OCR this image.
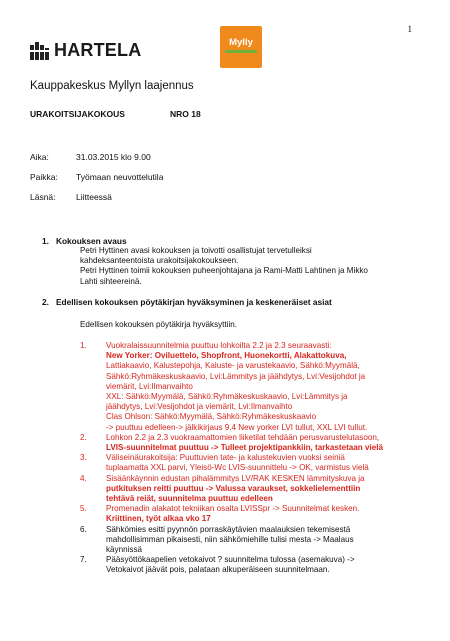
1
HARTELA	Mylly
Kauppakeskus Myllyn laajennus
URAKOITSIJAKOKOUS	NRO 18
Aika:	31.03.2015 klo 9.00
Paikka: Työmaan neuvottelutila
Läsnä: Liitteessä
1. Kokouksen avaus
Petri Hyttinen avasi kokouksen ja toivotti osallistujat tervetulleiksi
kahdeksanteentoista urakoitsijakokoukseen.
Petri Hyttinen toimii kokouksen puheenjohtajana ja Rami-Matti Lahtinen ja Mikko
Lahti sihteereinä.
2. Edellisen kokouksen pöytäkirjan hyväksyminen ja keskeneräiset asiat
Edellisen kokouksen pöytäkirja hyväksyttiin.
1. Vuokralaissuunnitelmia puuttuu lohkoilta 2.2 ja 2.3 seuraavasti:
New Yorker: Oviluettelo, Shopfront, Huonekortti, Alakattokuva,
Lattiakaavio, Kalustepohja, Kaluste- ja varustekaavio, Sähkö:Myymälä,
Sähkö:Ryhmäkeskuskaavio, Lvi:Lämmitys ja jäähdytys, Lvi:Vesijohdot ja
viemärit, Lvi:Ilmanvaihto
XXL: Sähkö:Myymälä, Sähkö:Ryhmäkeskuskaavio, Lvi:Lämmitys ja
jäähdytys, Lvi:Vesijohdot ja viemärit, Lvi:Ilmanvaihto
Clas Ohlson: Sähkö:Myymälä, Sähkö:Ryhmäkeskuskaavio
-> puuttuu edelleen-> jälkikirjaus 9.4 New yorker LVI tullut, XXL LVI tullut.
2. Lohkon 2.2 ja 2.3 vuokraamattomien liiketilat tehdään perusvarustelutasoon,
LVIS-suunnitelmat puuttuu -> Tulleet projektipankkiin, tarkastetaan vielä
3. Väliseinäurakoitsija: Puuttuvien tate- ja kalustekuvien vuoksi seiniä
tuplaamatta XXL parvi, Yleisö-Wc LVIS-suunnittelu -> OK, varmistus vielä
4. Sisäänkäynnin edustan pihalämmitys LV/RAK KESKEN lämmityskuva ja
putkituksen reitti puuttuu -> Valussa varaukset, sokkelielementtiin
tehtävä reiät, suunnitelma puuttuu edelleen
5. Promenadin alakatot tekniikan osalta LVISSpr -> Suunnitelmat kesken.
Kriittinen, työt alkaa vko 17
6. Sähkömies esitti pyynnön porraskäytävien maalauksien tekemisestä
mahdollisimman pikaisesti, niin sähkömiehille tulisi mesta -> Maalaus
käynnissä
7. Pääsyöttökaapelien vetokaivot ? suunnitelma tulossa (asemakuva) ->
Vetokaivot jäävät pois, palataan alkuperäiseen suunnitelmaan.
